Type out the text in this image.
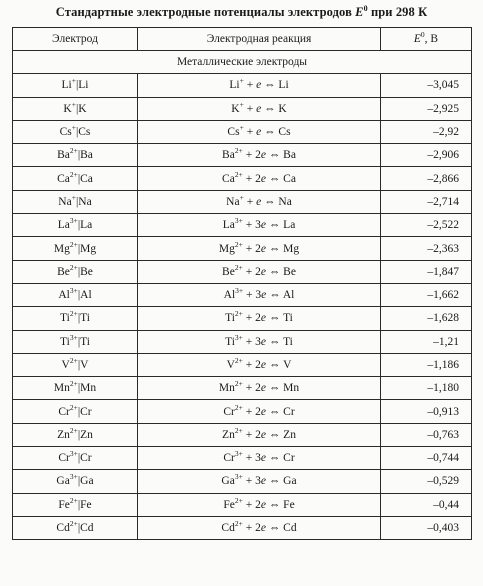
Стандартные электродные потенциалы электродов $E^0$ при 298 К
Электрод	Электродная реакция	$E^0$, В
Металлические электроды		
Li+|Li	Li+ + e ⇔ Li	–3,045
K+|K	K+ + e ⇔ K	–2,925
Cs+|Cs	Cs+ + e ⇔ Cs	–2,92
$Ba^{2+}|Ba$	$Ba^{2+} + 2e$ ⇔ Ba	–2,906
$Ca^{2+}|Ca$	$Ca^{2+} + 2e$ ⇔ Ca	–2,866
Na+|Na	Na+ + e ⇔ Na	–2,714
$La^{3+}|La$	$La^{3+} + 3e$ ⇔ La	–2,522
$Mg^{2+}|Mg$	$Mg^{2+} + 2e$ ⇔ Mg	–2,363
$Be^{2+}|Be$	$Be^{2+} + 2e$ ⇔ Be	–1,847
$Al^{3+}|Al$	$Al^{3+} + 3e$ ⇔ Al	–1,662
$Ti^{2+}|Ti$	$Ti^{2+} + 2e$ ⇔ Ti	–1,628
$Ti^{3+}|Ti$	$Ti^{3+} + 3e$ ⇔ Ti	–1,21
$V^{2+}|V$	$V^{2+} + 2e$ ⇔ V	–1,186
$Mn^{2+}|Mn$	$Mn^{2+} + 2e$ ⇔ Mn	–1,180
$Cr^{2+}|Cr$	$Cr^{2+} + 2e$ ⇔ Cr	–0,913
$Zn^{2+}|Zn$	$Zn^{2+} + 2e$ ⇔ Zn	–0,763
$Cr^{3+}|Cr$	$Cr^{3+} + 3e$ ⇔ Cr	–0,744
$Ga^{3+}|Ga$	$Ga^{3+} + 3e$ ⇔ Ga	–0,529
$Fe^{2+}|Fe$	$Fe^{2+} + 2e$ ⇔ Fe	–0,44
$Cd^{2+}|Cd$	$Cd^{2+} + 2e$ ⇔ Cd	–0,403
